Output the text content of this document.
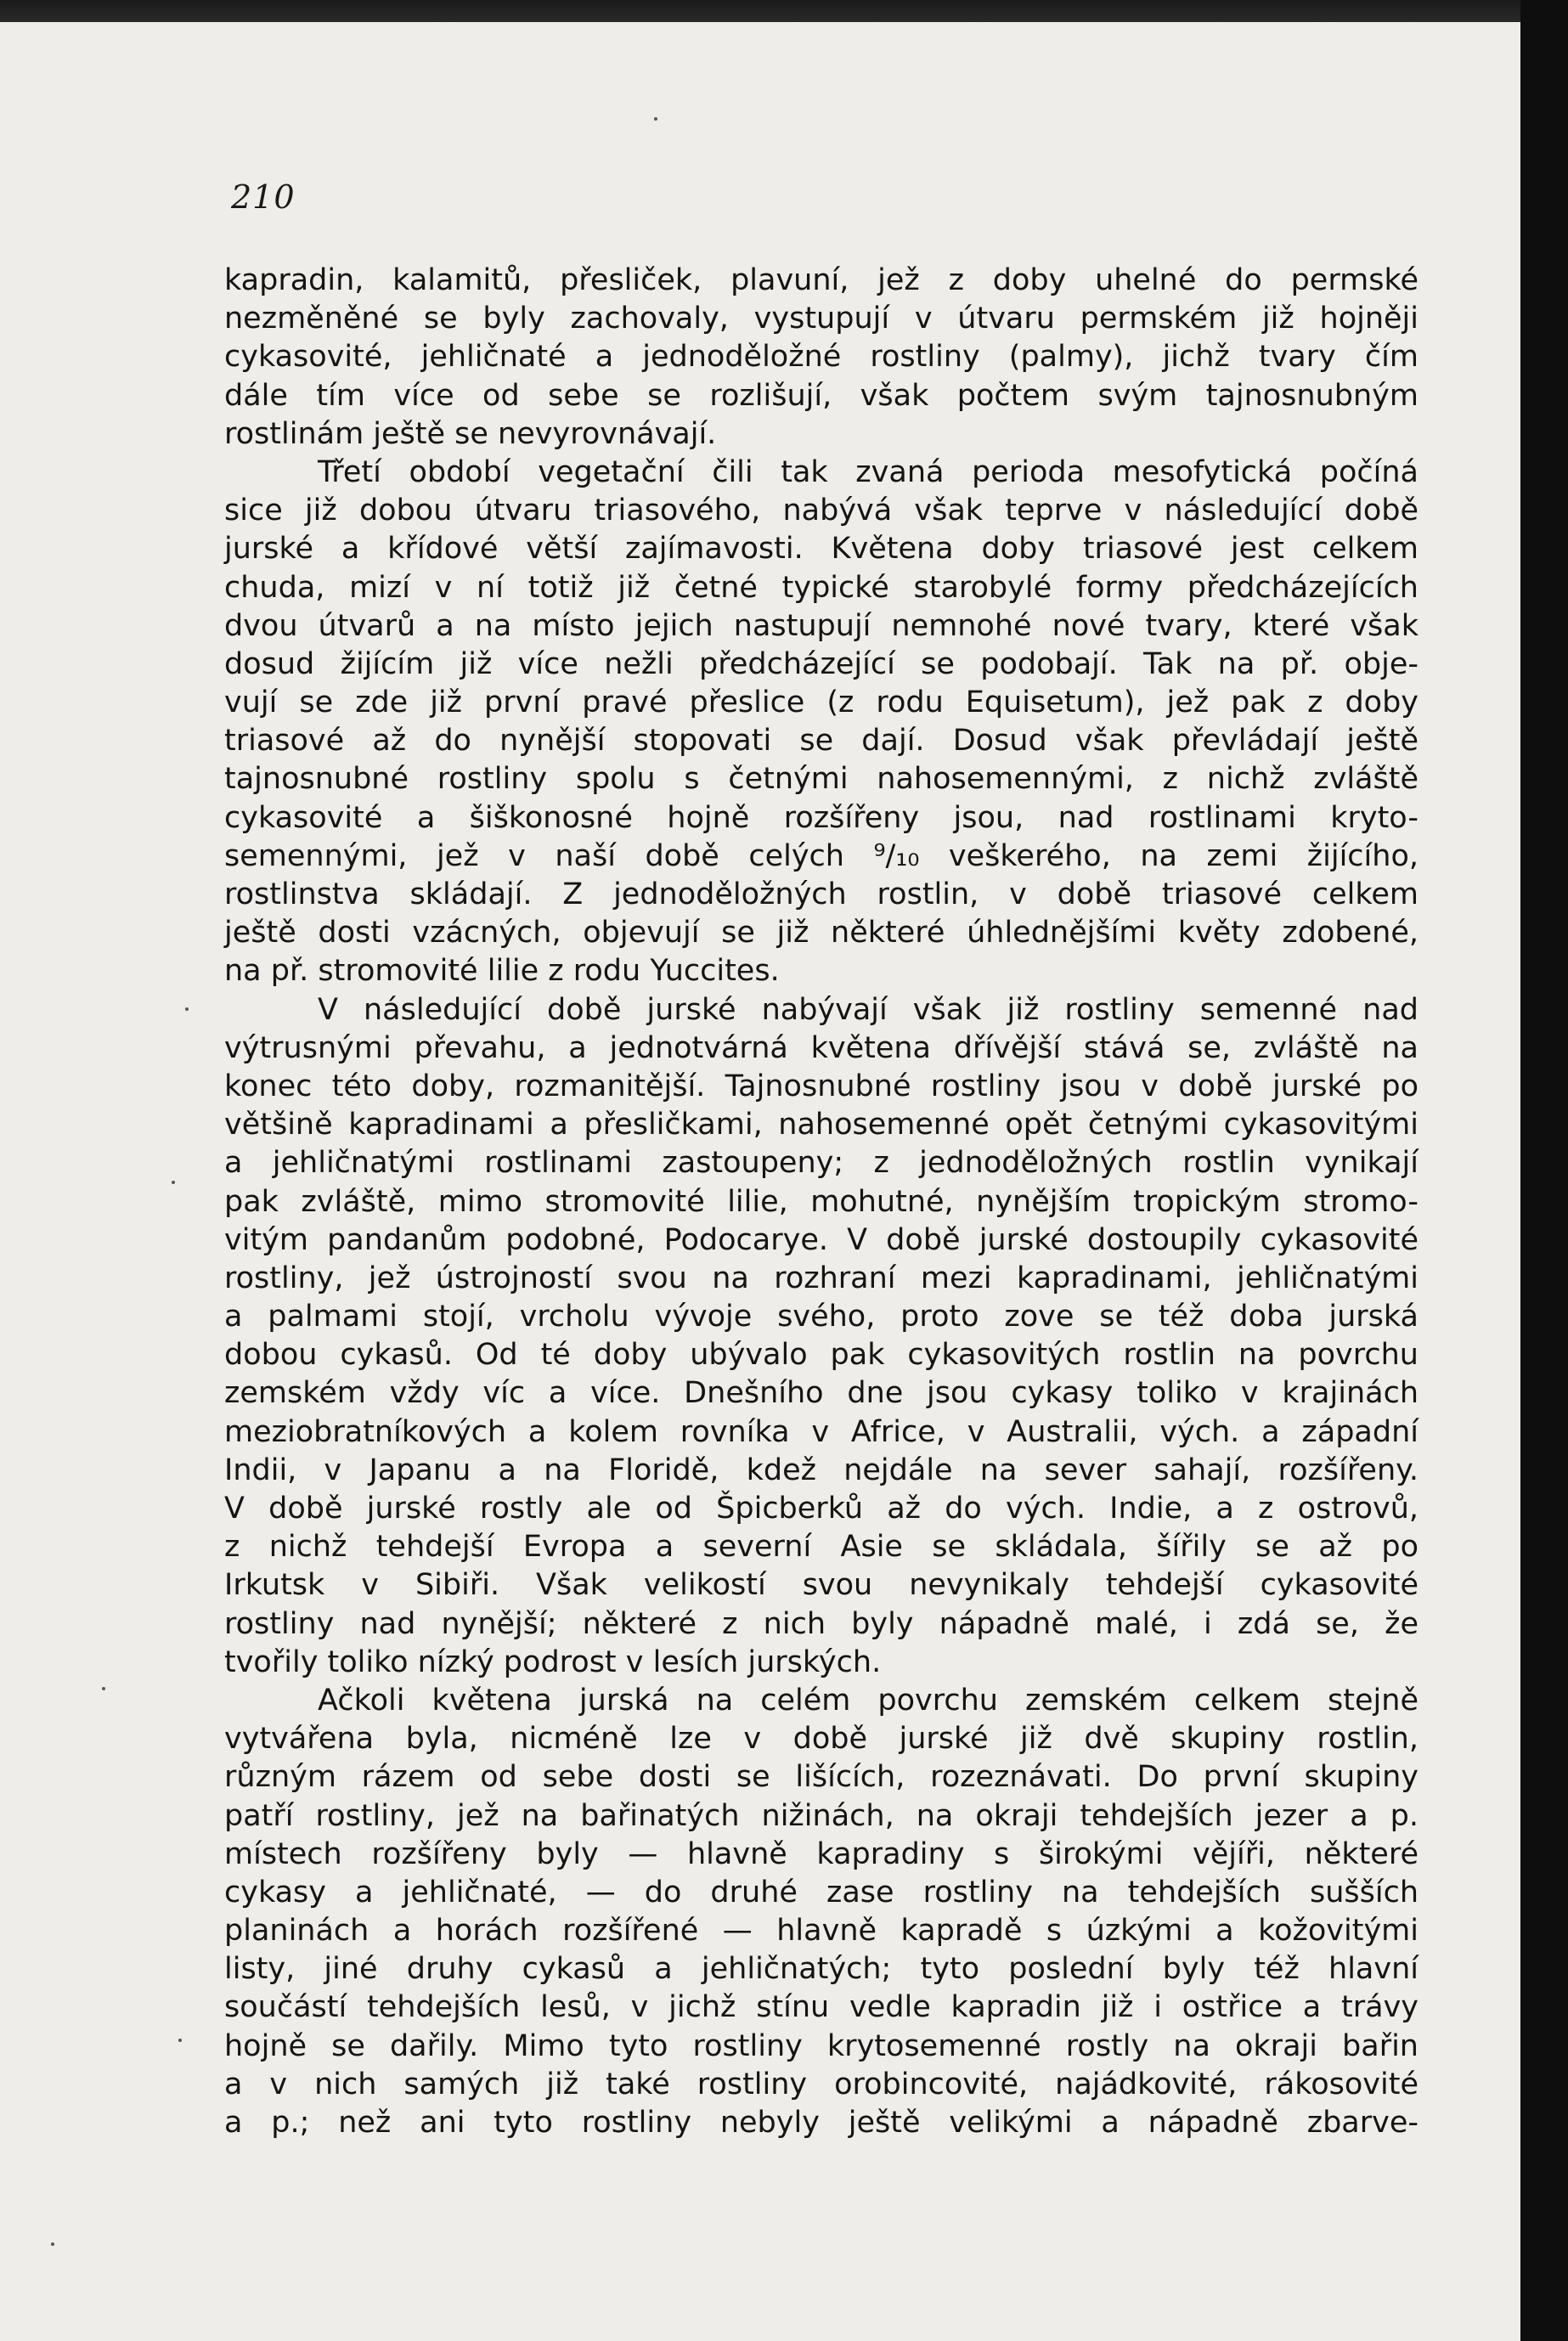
210
kapradin, kalamitů, přesliček, plavuní, jež z doby uhelné do permské
nezměněné se byly zachovaly, vystupují v útvaru permském již hojněji
cykasovité, jehličnaté a jednoděložné rostliny (palmy), jichž tvary čím
dále tím více od sebe se rozlišují, však počtem svým tajnosnubným
rostlinám ještě se nevyrovnávají.
Třetí období vegetační čili tak zvaná perioda mesofytická počíná
sice již dobou útvaru triasového, nabývá však teprve v následující době
jurské a křídové větší zajímavosti. Květena doby triasové jest celkem
chuda, mizí v ní totiž již četné typické starobylé formy předcházejících
dvou útvarů a na místo jejich nastupují nemnohé nové tvary, které však
dosud žijícím již více nežli předcházející se podobají. Tak na př. obje-
vují se zde již první pravé přeslice (z rodu Equisetum), jež pak z doby
triasové až do nynější stopovati se dají. Dosud však převládají ještě
tajnosnubné rostliny spolu s četnými nahosemennými, z nichž zvláště
cykasovité a šiškonosné hojně rozšířeny jsou, nad rostlinami kryto-
semennými, jež v naší době celých ⁹/₁₀ veškerého, na zemi žijícího,
rostlinstva skládají. Z jednoděložných rostlin, v době triasové celkem
ještě dosti vzácných, objevují se již některé úhlednějšími květy zdobené,
na př. stromovité lilie z rodu Yuccites.
V následující době jurské nabývají však již rostliny semenné nad
výtrusnými převahu, a jednotvárná květena dřívější stává se, zvláště na
konec této doby, rozmanitější. Tajnosnubné rostliny jsou v době jurské po
většině kapradinami a přesličkami, nahosemenné opět četnými cykasovitými
a jehličnatými rostlinami zastoupeny; z jednoděložných rostlin vynikají
pak zvláště, mimo stromovité lilie, mohutné, nynějším tropickým stromo-
vitým pandanům podobné, Podocarye. V době jurské dostoupily cykasovité
rostliny, jež ústrojností svou na rozhraní mezi kapradinami, jehličnatými
a palmami stojí, vrcholu vývoje svého, proto zove se též doba jurská
dobou cykasů. Od té doby ubývalo pak cykasovitých rostlin na povrchu
zemském vždy víc a více. Dnešního dne jsou cykasy toliko v krajinách
meziobratníkových a kolem rovníka v Africe, v Australii, vých. a západní
Indii, v Japanu a na Floridě, kdež nejdále na sever sahají, rozšířeny.
V době jurské rostly ale od Špicberků až do vých. Indie, a z ostrovů,
z nichž tehdejší Evropa a severní Asie se skládala, šířily se až po
Irkutsk v Sibiři. Však velikostí svou nevynikaly tehdejší cykasovité
rostliny nad nynější; některé z nich byly nápadně malé, i zdá se, že
tvořily toliko nízký podrost v lesích jurských.
Ačkoli květena jurská na celém povrchu zemském celkem stejně
vytvářena byla, nicméně lze v době jurské již dvě skupiny rostlin,
různým rázem od sebe dosti se lišících, rozeznávati. Do první skupiny
patří rostliny, jež na bařinatých nižinách, na okraji tehdejších jezer a p.
místech rozšířeny byly — hlavně kapradiny s širokými vějíři, některé
cykasy a jehličnaté, — do druhé zase rostliny na tehdejších sušších
planinách a horách rozšířené — hlavně kapradě s úzkými a kožovitými
listy, jiné druhy cykasů a jehličnatých; tyto poslední byly též hlavní
součástí tehdejších lesů, v jichž stínu vedle kapradin již i ostřice a trávy
hojně se dařily. Mimo tyto rostliny krytosemenné rostly na okraji bařin
a v nich samých již také rostliny orobincovité, najádkovité, rákosovité
a p.; než ani tyto rostliny nebyly ještě velikými a nápadně zbarve-
